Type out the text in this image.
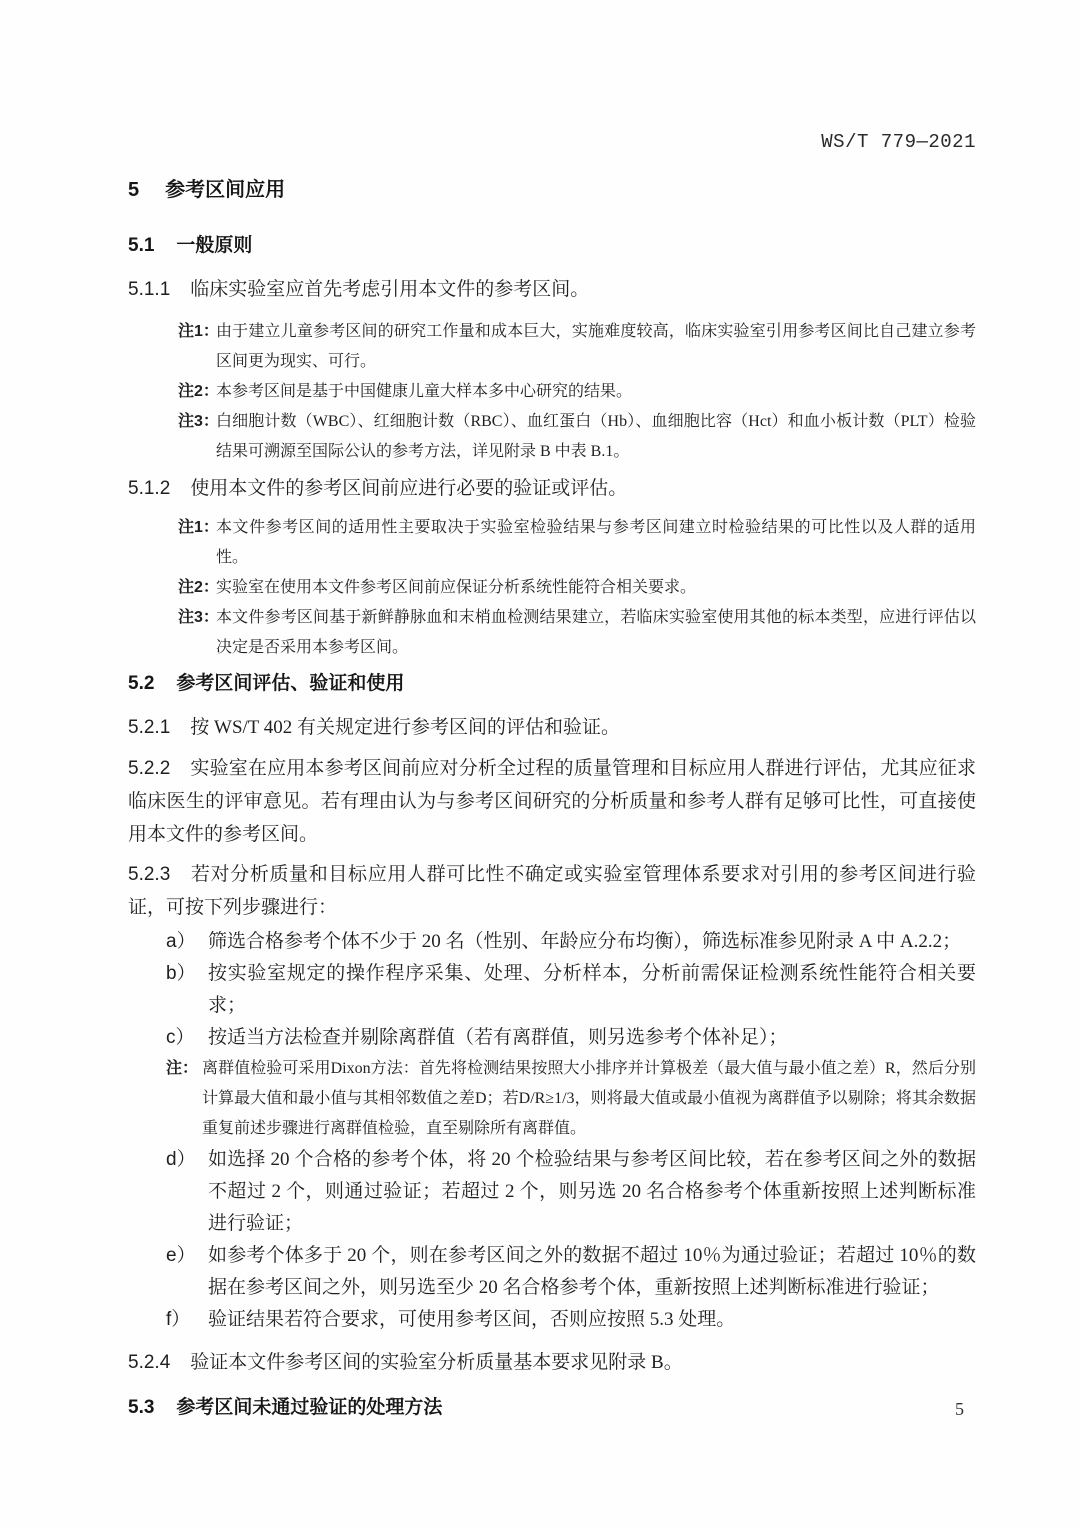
WS/T 779—2021
5 参考区间应用
5.1 一般原则
5.1.1 临床实验室应首先考虑引用本文件的参考区间。
注1：
由于建立儿童参考区间的研究工作量和成本巨大，实施难度较高，临床实验室引用参考区间比自己建立参考区间更为现实、可行。
注2：
本参考区间是基于中国健康儿童大样本多中心研究的结果。
注3：
白细胞计数（WBC）、红细胞计数（RBC）、血红蛋白（Hb）、血细胞比容（Hct）和血小板计数（PLT）检验结果可溯源至国际公认的参考方法，详见附录 B 中表 B.1。
5.1.2 使用本文件的参考区间前应进行必要的验证或评估。
注1：
本文件参考区间的适用性主要取决于实验室检验结果与参考区间建立时检验结果的可比性以及人群的适用性。
注2：
实验室在使用本文件参考区间前应保证分析系统性能符合相关要求。
注3：
本文件参考区间基于新鲜静脉血和末梢血检测结果建立，若临床实验室使用其他的标本类型，应进行评估以决定是否采用本参考区间。
5.2 参考区间评估、验证和使用
5.2.1 按 WS/T 402 有关规定进行参考区间的评估和验证。
5.2.2 实验室在应用本参考区间前应对分析全过程的质量管理和目标应用人群进行评估，尤其应征求临床医生的评审意见。若有理由认为与参考区间研究的分析质量和参考人群有足够可比性，可直接使用本文件的参考区间。
5.2.3 若对分析质量和目标应用人群可比性不确定或实验室管理体系要求对引用的参考区间进行验证，可按下列步骤进行：
a） 筛选合格参考个体不少于 20 名（性别、年龄应分布均衡），筛选标准参见附录 A 中 A.2.2；
b） 按实验室规定的操作程序采集、处理、分析样本，分析前需保证检测系统性能符合相关要求；
c） 按适当方法检查并剔除离群值（若有离群值，则另选参考个体补足）；
注： 离群值检验可采用Dixon方法：首先将检测结果按照大小排序并计算极差（最大值与最小值之差）R，然后分别计算最大值和最小值与其相邻数值之差D；若D/R≥1/3，则将最大值或最小值视为离群值予以剔除；将其余数据重复前述步骤进行离群值检验，直至剔除所有离群值。
d） 如选择 20 个合格的参考个体，将 20 个检验结果与参考区间比较，若在参考区间之外的数据不超过 2 个，则通过验证；若超过 2 个，则另选 20 名合格参考个体重新按照上述判断标准进行验证；
e） 如参考个体多于 20 个，则在参考区间之外的数据不超过 10％为通过验证；若超过 10％的数据在参考区间之外，则另选至少 20 名合格参考个体，重新按照上述判断标准进行验证；
f） 验证结果若符合要求，可使用参考区间，否则应按照 5.3 处理。
5.2.4 验证本文件参考区间的实验室分析质量基本要求见附录 B。
5.3 参考区间未通过验证的处理方法	5
